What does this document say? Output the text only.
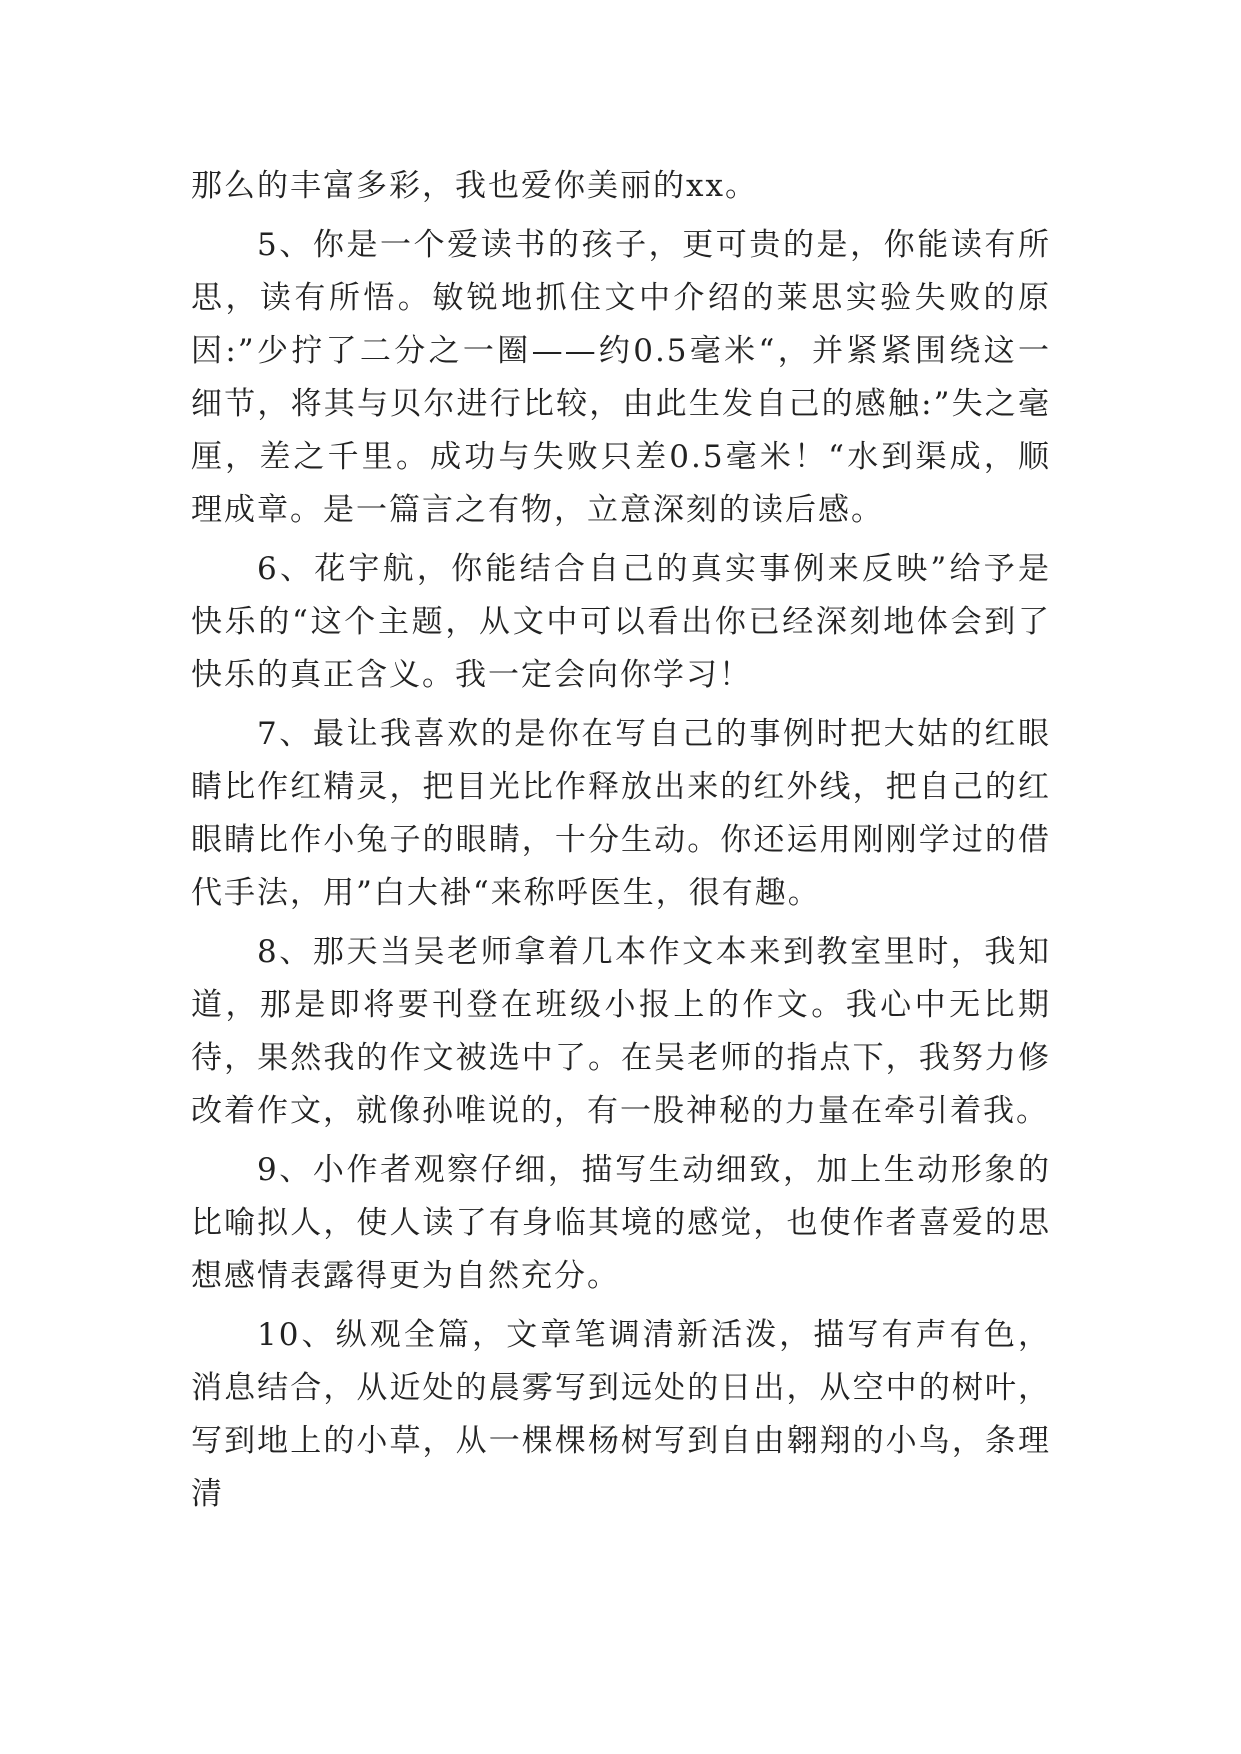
那么的丰富多彩，我也爱你美丽的xx。

5、你是一个爱读书的孩子，更可贵的是，你能读有所思，读有所悟。敏锐地抓住文中介绍的莱思实验失败的原因:”少拧了二分之一圈——约0.5毫米“，并紧紧围绕这一细节，将其与贝尔进行比较，由此生发自己的感触:”失之毫厘，差之千里。成功与失败只差0.5毫米！“水到渠成，顺理成章。是一篇言之有物，立意深刻的读后感。

6、花宇航，你能结合自己的真实事例来反映”给予是快乐的“这个主题，从文中可以看出你已经深刻地体会到了快乐的真正含义。我一定会向你学习！

7、最让我喜欢的是你在写自己的事例时把大姑的红眼睛比作红精灵，把目光比作释放出来的红外线，把自己的红眼睛比作小兔子的眼睛，十分生动。你还运用刚刚学过的借代手法，用”白大褂“来称呼医生，很有趣。

8、那天当吴老师拿着几本作文本来到教室里时，我知道，那是即将要刊登在班级小报上的作文。我心中无比期待，果然我的作文被选中了。在吴老师的指点下，我努力修改着作文，就像孙唯说的，有一股神秘的力量在牵引着我。

9、小作者观察仔细，描写生动细致，加上生动形象的比喻拟人，使人读了有身临其境的感觉，也使作者喜爱的思想感情表露得更为自然充分。

10、纵观全篇，文章笔调清新活泼，描写有声有色，消息结合，从近处的晨雾写到远处的日出，从空中的树叶，写到地上的小草，从一棵棵杨树写到自由翱翔的小鸟，条理清
